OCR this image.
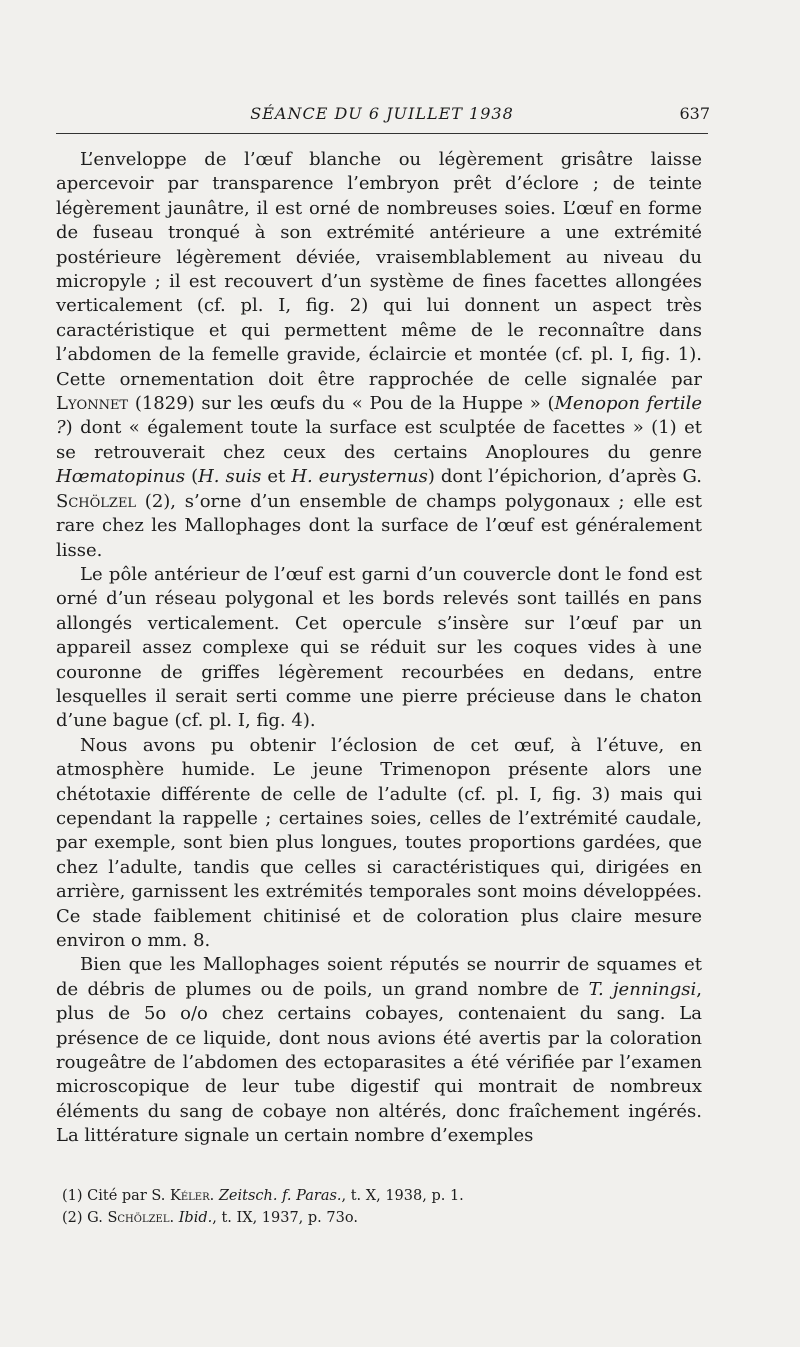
SÉANCE DU 6 JUILLET 1938	637

L’enveloppe de l’œuf blanche ou légèrement grisâtre laisse apercevoir par transparence l’embryon prêt d’éclore ; de teinte légèrement jaunâtre, il est orné de nombreuses soies. L’œuf en forme de fuseau tronqué à son extrémité antérieure a une extrémité postérieure légèrement déviée, vraisemblablement au niveau du micropyle ; il est recouvert d’un système de fines facettes allongées verticalement (cf. pl. I, fig. 2) qui lui donnent un aspect très caractéristique et qui permettent même de le reconnaître dans l’abdomen de la femelle gravide, éclaircie et montée (cf. pl. I, fig. 1). Cette ornementation doit être rapprochée de celle signalée par Lyonnet (1829) sur les œufs du « Pou de la Huppe » (Menopon fertile ?) dont « également toute la surface est sculptée de facettes » (1) et se retrouverait chez ceux des certains Anoploures du genre Hœmatopinus (H. suis et H. eurysternus) dont l’épichorion, d’après G. Schölzel (2), s’orne d’un ensemble de champs polygonaux ; elle est rare chez les Mallophages dont la surface de l’œuf est généralement lisse.

Le pôle antérieur de l’œuf est garni d’un couvercle dont le fond est orné d’un réseau polygonal et les bords relevés sont taillés en pans allongés verticalement. Cet opercule s’insère sur l’œuf par un appareil assez complexe qui se réduit sur les coques vides à une couronne de griffes légèrement recourbées en dedans, entre lesquelles il serait serti comme une pierre précieuse dans le chaton d’une bague (cf. pl. I, fig. 4).

Nous avons pu obtenir l’éclosion de cet œuf, à l’étuve, en atmosphère humide. Le jeune Trimenopon présente alors une chétotaxie différente de celle de l’adulte (cf. pl. I, fig. 3) mais qui cependant la rappelle ; certaines soies, celles de l’extrémité caudale, par exemple, sont bien plus longues, toutes proportions gardées, que chez l’adulte, tandis que celles si caractéristiques qui, dirigées en arrière, garnissent les extrémités temporales sont moins développées. Ce stade faiblement chitinisé et de coloration plus claire mesure environ o mm. 8.

Bien que les Mallophages soient réputés se nourrir de squames et de débris de plumes ou de poils, un grand nombre de T. jenningsi, plus de 5o o/o chez certains cobayes, contenaient du sang. La présence de ce liquide, dont nous avions été avertis par la coloration rougeâtre de l’abdomen des ectoparasites a été vérifiée par l’examen microscopique de leur tube digestif qui montrait de nombreux éléments du sang de cobaye non altérés, donc fraîchement ingérés. La littérature signale un certain nombre d’exemples

(1) Cité par S. Kéler. Zeitsch. f. Paras., t. X, 1938, p. 1.

(2) G. Schölzel. Ibid., t. IX, 1937, p. 73o.
